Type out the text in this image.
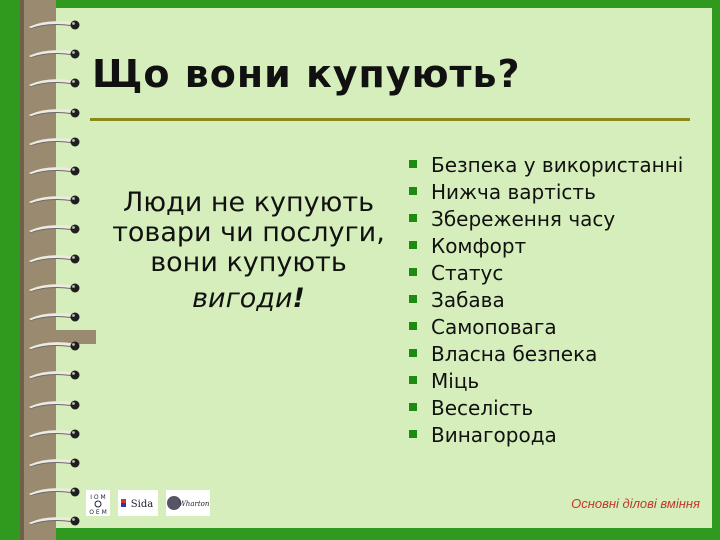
Що вони купують?
Люди не купують товари чи послуги, вони купують
вигоди!
Безпека у використанні
Нижча вартість
Збереження часу
Комфорт
Статус
Забава
Самоповага
Власна безпека
Міць
Веселість
Винагорода
I O M
O E M
Sida	Wharton	Основні ділові вміння
